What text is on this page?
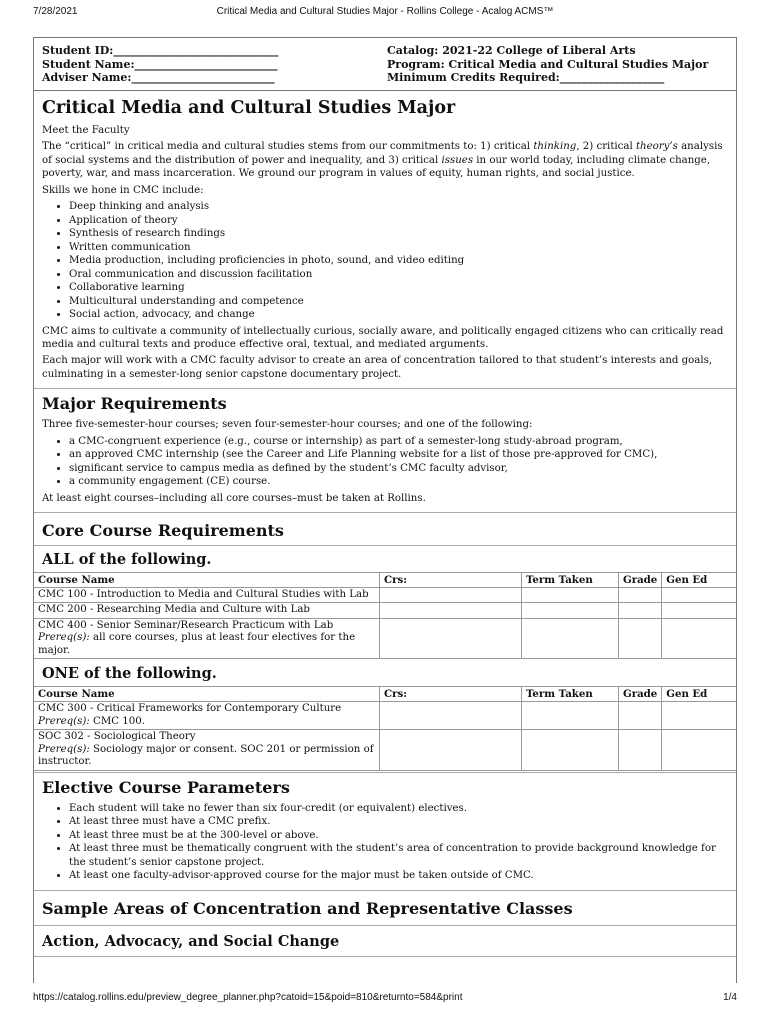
7/28/2021	Critical Media and Cultural Studies Major - Rollins College - Acalog ACMS™
Student ID:______________________________
Student Name:__________________________
Adviser Name:__________________________
Catalog: 2021-22 College of Liberal Arts
Program: Critical Media and Cultural Studies Major
Minimum Credits Required:___________________
Critical Media and Cultural Studies Major

Meet the Faculty

The “critical” in critical media and cultural studies stems from our commitments to: 1) critical thinking, 2) critical theory’s analysis of social systems and the distribution of power and inequality, and 3) critical issues in our world today, including climate change, poverty, war, and mass incarceration. We ground our program in values of equity, human rights, and social justice.

Skills we hone in CMC include:

• Deep thinking and analysis
• Application of theory
• Synthesis of research findings
• Written communication
• Media production, including proficiencies in photo, sound, and video editing
• Oral communication and discussion facilitation
• Collaborative learning
• Multicultural understanding and competence
• Social action, advocacy, and change

CMC aims to cultivate a community of intellectually curious, socially aware, and politically engaged citizens who can critically read media and cultural texts and produce effective oral, textual, and mediated arguments.

Each major will work with a CMC faculty advisor to create an area of concentration tailored to that student’s interests and goals, culminating in a semester-long senior capstone documentary project.

Major Requirements

Three five-semester-hour courses; seven four-semester-hour courses; and one of the following:

• a CMC-congruent experience (e.g., course or internship) as part of a semester-long study-abroad program,
• an approved CMC internship (see the Career and Life Planning website for a list of those pre-approved for CMC),
• significant service to campus media as defined by the student’s CMC faculty advisor,
• a community engagement (CE) course.

At least eight courses–including all core courses–must be taken at Rollins.

Core Course Requirements
ALL of the following.
Course Name	Crs:	Term Taken	Grade	Gen Ed
CMC 100 - Introduction to Media and Cultural Studies with Lab				
CMC 200 - Researching Media and Culture with Lab				
CMC 400 - Senior Seminar/Research Practicum with Lab
Prereq(s): all core courses, plus at least four electives for the major.				
ONE of the following.
Course Name	Crs:	Term Taken	Grade	Gen Ed
CMC 300 - Critical Frameworks for Contemporary Culture
Prereq(s): CMC 100.				
SOC 302 - Sociological Theory
Prereq(s): Sociology major or consent. SOC 201 or permission of instructor.				
Elective Course Parameters
• Each student will take no fewer than six four-credit (or equivalent) electives.
• At least three must have a CMC prefix.
• At least three must be at the 300-level or above.
• At least three must be thematically congruent with the student’s area of concentration to provide background knowledge for the student’s senior capstone project.
• At least one faculty-advisor-approved course for the major must be taken outside of CMC.
Sample Areas of Concentration and Representative Classes
Action, Advocacy, and Social Change
https://catalog.rollins.edu/preview_degree_planner.php?catoid=15&poid=810&returnto=584&print	1/4
